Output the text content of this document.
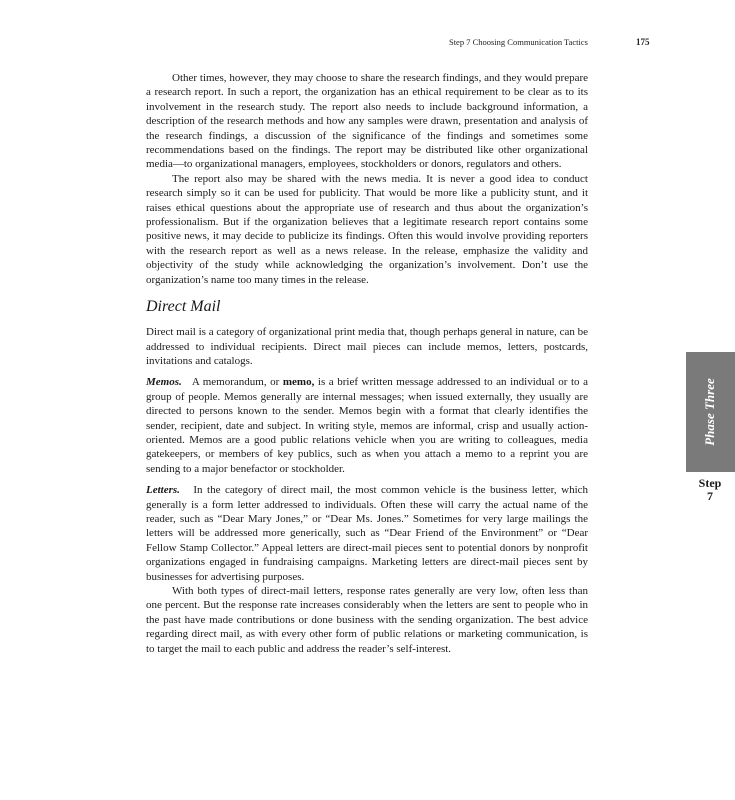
Step 7 Choosing Communication Tactics	175

Other times, however, they may choose to share the research findings, and they would prepare a research report. In such a report, the organization has an ethical requirement to be clear as to its involvement in the research study. The report also needs to include background information, a description of the research methods and how any samples were drawn, presentation and analysis of the research findings, a discussion of the significance of the findings and sometimes some recommendations based on the findings. The report may be distributed like other organizational media—to organizational managers, employees, stockholders or donors, regulators and others.

The report also may be shared with the news media. It is never a good idea to conduct research simply so it can be used for publicity. That would be more like a publicity stunt, and it raises ethical questions about the appropriate use of research and thus about the organization’s professionalism. But if the organization believes that a legitimate research report contains some positive news, it may decide to publicize its findings. Often this would involve providing reporters with the research report as well as a news release. In the release, emphasize the validity and objectivity of the study while acknowledging the organization’s involvement. Don’t use the organization’s name too many times in the release.

Direct Mail

Direct mail is a category of organizational print media that, though perhaps general in nature, can be addressed to individual recipients. Direct mail pieces can include memos, letters, postcards, invitations and catalogs.

Memos. A memorandum, or memo, is a brief written message addressed to an individual or to a group of people. Memos generally are internal messages; when issued externally, they usually are directed to persons known to the sender. Memos begin with a format that clearly identifies the sender, recipient, date and subject. In writing style, memos are informal, crisp and usually action-oriented. Memos are a good public relations vehicle when you are writing to colleagues, media gatekeepers, or members of key publics, such as when you attach a memo to a reprint you are sending to a major benefactor or stockholder.

Letters. In the category of direct mail, the most common vehicle is the business letter, which generally is a form letter addressed to individuals. Often these will carry the actual name of the reader, such as “Dear Mary Jones,” or “Dear Ms. Jones.” Sometimes for very large mailings the letters will be addressed more generically, such as “Dear Friend of the Environment” or “Dear Fellow Stamp Collector.” Appeal letters are direct-mail pieces sent to potential donors by nonprofit organizations engaged in fundraising campaigns. Marketing letters are direct-mail pieces sent by businesses for advertising purposes.

With both types of direct-mail letters, response rates generally are very low, often less than one percent. But the response rate increases considerably when the letters are sent to people who in the past have made contributions or done business with the sending organization. The best advice regarding direct mail, as with every other form of public relations or marketing communication, is to target the mail to each public and address the reader’s self-interest.

Phase Three
Step
7
